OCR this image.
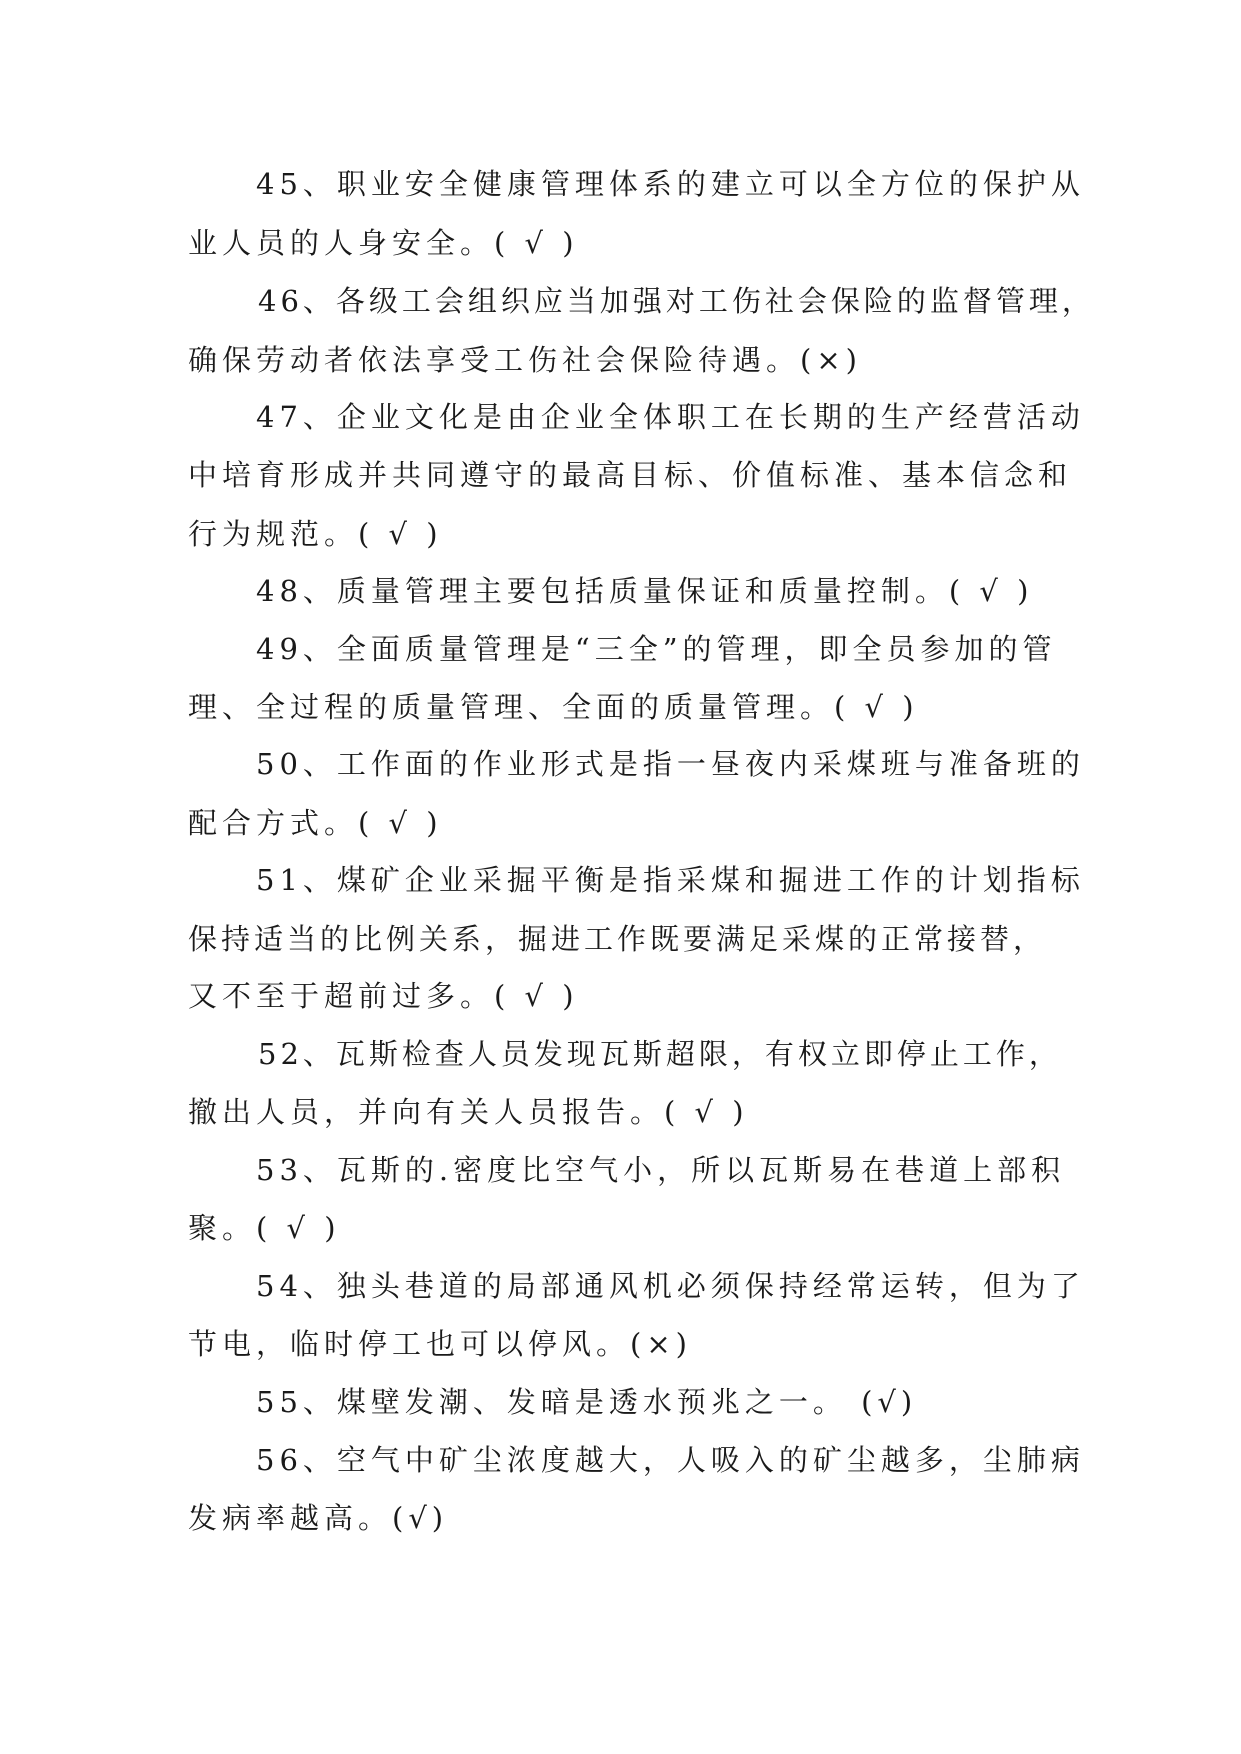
45、职业安全健康管理体系的建立可以全方位的保护从
业人员的人身安全。( √ )
46、各级工会组织应当加强对工伤社会保险的监督管理，
确保劳动者依法享受工伤社会保险待遇。(×)
47、企业文化是由企业全体职工在长期的生产经营活动
中培育形成并共同遵守的最高目标、价值标准、基本信念和
行为规范。( √ )
48、质量管理主要包括质量保证和质量控制。( √ )
49、全面质量管理是“三全”的管理，即全员参加的管
理、全过程的质量管理、全面的质量管理。( √ )
50、工作面的作业形式是指一昼夜内采煤班与准备班的
配合方式。( √ )
51、煤矿企业采掘平衡是指采煤和掘进工作的计划指标
保持适当的比例关系，掘进工作既要满足采煤的正常接替，
又不至于超前过多。( √ )
52、瓦斯检查人员发现瓦斯超限，有权立即停止工作，
撤出人员，并向有关人员报告。( √ )
53、瓦斯的.密度比空气小，所以瓦斯易在巷道上部积
聚。( √ )
54、独头巷道的局部通风机必须保持经常运转，但为了
节电，临时停工也可以停风。(×)
55、煤壁发潮、发暗是透水预兆之一。 (√)
56、空气中矿尘浓度越大，人吸入的矿尘越多，尘肺病
发病率越高。(√)
